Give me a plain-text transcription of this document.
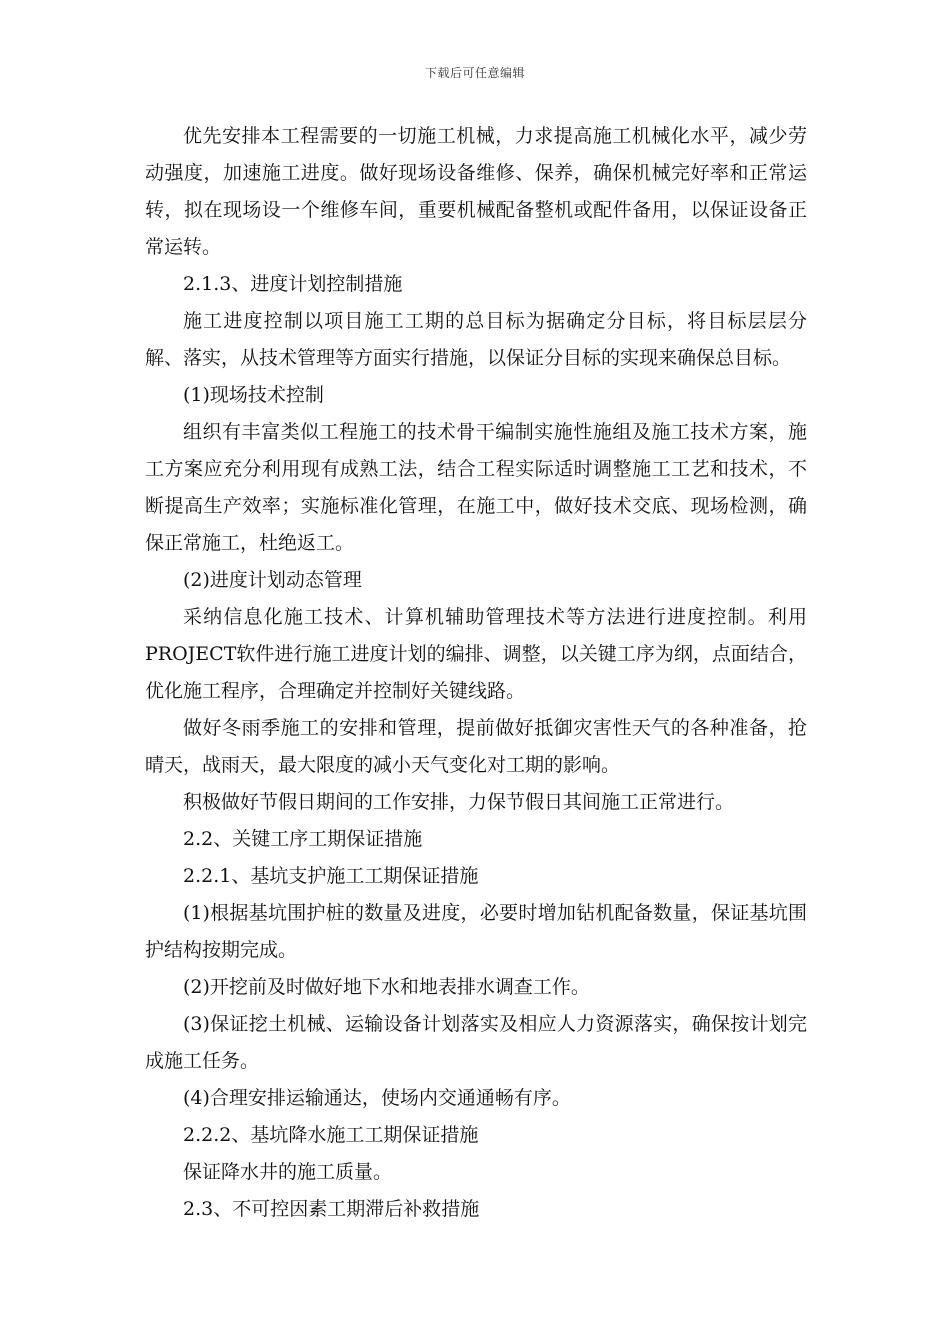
下载后可任意编辑

优先安排本工程需要的一切施工机械，力求提高施工机械化水平，减少劳动强度，加速施工进度。做好现场设备维修、保养，确保机械完好率和正常运转，拟在现场设一个维修车间，重要机械配备整机或配件备用，以保证设备正常运转。

2.1.3、进度计划控制措施

施工进度控制以项目施工工期的总目标为据确定分目标，将目标层层分解、落实，从技术管理等方面实行措施，以保证分目标的实现来确保总目标。

(1)现场技术控制

组织有丰富类似工程施工的技术骨干编制实施性施组及施工技术方案，施工方案应充分利用现有成熟工法，结合工程实际适时调整施工工艺和技术，不断提高生产效率；实施标准化管理，在施工中，做好技术交底、现场检测，确保正常施工，杜绝返工。

(2)进度计划动态管理

采纳信息化施工技术、计算机辅助管理技术等方法进行进度控制。利用PROJECT软件进行施工进度计划的编排、调整，以关键工序为纲，点面结合，优化施工程序，合理确定并控制好关键线路。

做好冬雨季施工的安排和管理，提前做好抵御灾害性天气的各种准备，抢晴天，战雨天，最大限度的减小天气变化对工期的影响。

积极做好节假日期间的工作安排，力保节假日其间施工正常进行。

2.2、关键工序工期保证措施

2.2.1、基坑支护施工工期保证措施

(1)根据基坑围护桩的数量及进度，必要时增加钻机配备数量，保证基坑围护结构按期完成。

(2)开挖前及时做好地下水和地表排水调查工作。

(3)保证挖土机械、运输设备计划落实及相应人力资源落实，确保按计划完成施工任务。

(4)合理安排运输通达，使场内交通通畅有序。

2.2.2、基坑降水施工工期保证措施

保证降水井的施工质量。

2.3、不可控因素工期滞后补救措施
